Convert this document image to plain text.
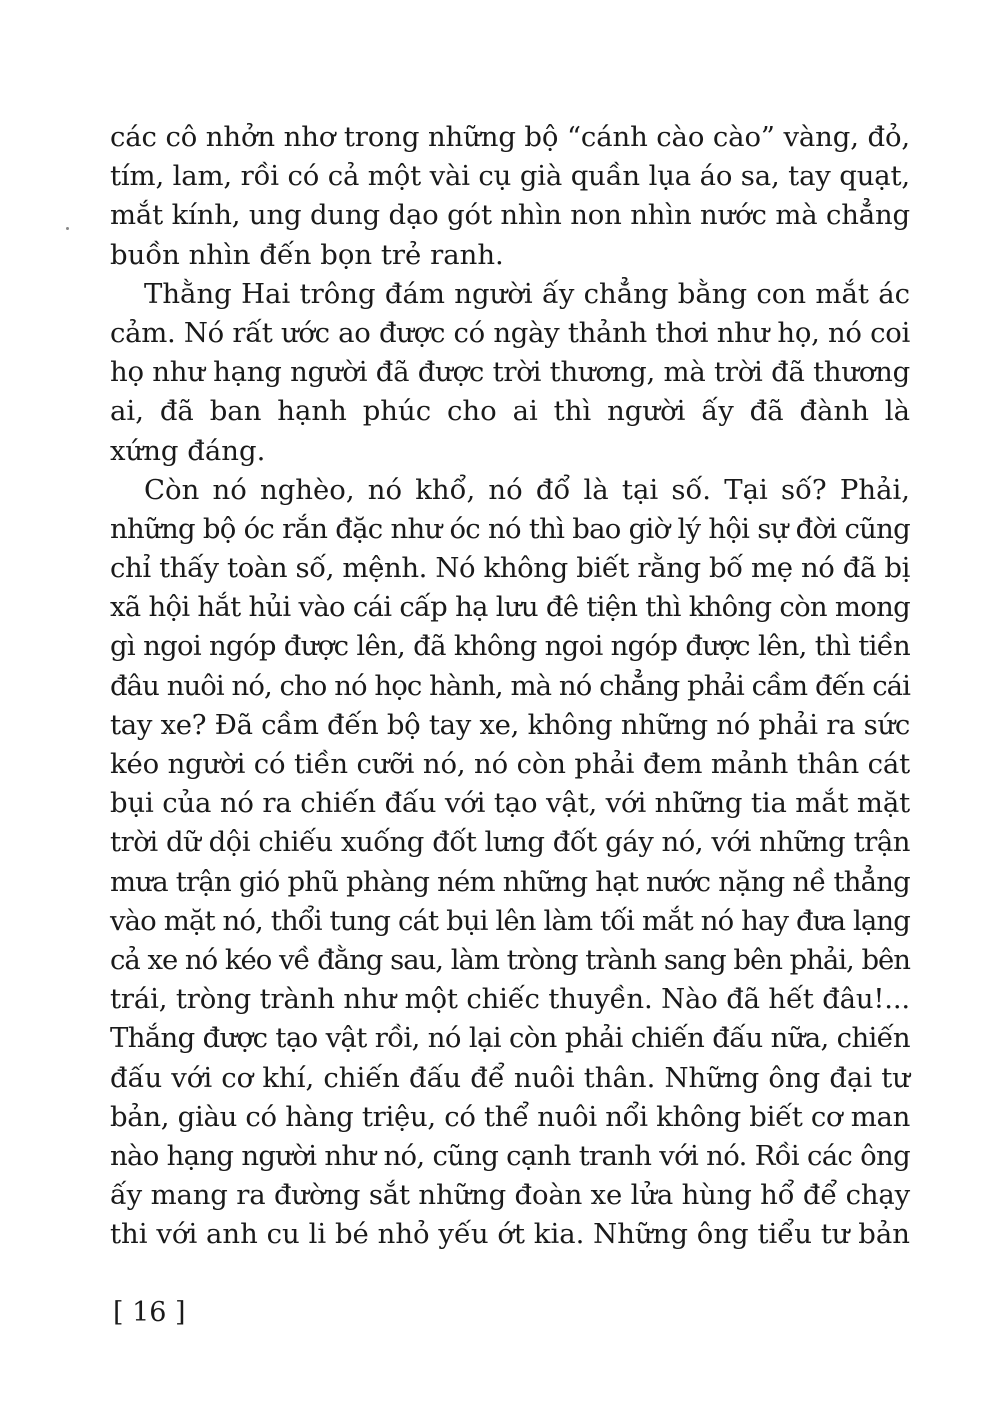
các cô nhởn nhơ trong những bộ “cánh cào cào” vàng, đỏ,
tím, lam, rồi có cả một vài cụ già quần lụa áo sa, tay quạt,
mắt kính, ung dung dạo gót nhìn non nhìn nước mà chẳng
buồn nhìn đến bọn trẻ ranh.
Thằng Hai trông đám người ấy chẳng bằng con mắt ác
cảm. Nó rất ước ao được có ngày thảnh thơi như họ, nó coi
họ như hạng người đã được trời thương, mà trời đã thương
ai, đã ban hạnh phúc cho ai thì người ấy đã đành là
xứng đáng.
Còn nó nghèo, nó khổ, nó đổ là tại số. Tại số? Phải,
những bộ óc rắn đặc như óc nó thì bao giờ lý hội sự đời cũng
chỉ thấy toàn số, mệnh. Nó không biết rằng bố mẹ nó đã bị
xã hội hắt hủi vào cái cấp hạ lưu đê tiện thì không còn mong
gì ngoi ngóp được lên, đã không ngoi ngóp được lên, thì tiền
đâu nuôi nó, cho nó học hành, mà nó chẳng phải cầm đến cái
tay xe? Đã cầm đến bộ tay xe, không những nó phải ra sức
kéo người có tiền cưỡi nó, nó còn phải đem mảnh thân cát
bụi của nó ra chiến đấu với tạo vật, với những tia mắt mặt
trời dữ dội chiếu xuống đốt lưng đốt gáy nó, với những trận
mưa trận gió phũ phàng ném những hạt nước nặng nề thẳng
vào mặt nó, thổi tung cát bụi lên làm tối mắt nó hay đưa lạng
cả xe nó kéo về đằng sau, làm tròng trành sang bên phải, bên
trái, tròng trành như một chiếc thuyền. Nào đã hết đâu!...
Thắng được tạo vật rồi, nó lại còn phải chiến đấu nữa, chiến
đấu với cơ khí, chiến đấu để nuôi thân. Những ông đại tư
bản, giàu có hàng triệu, có thể nuôi nổi không biết cơ man
nào hạng người như nó, cũng cạnh tranh với nó. Rồi các ông
ấy mang ra đường sắt những đoàn xe lửa hùng hổ để chạy
thi với anh cu li bé nhỏ yếu ớt kia. Những ông tiểu tư bản
[ 16 ]
